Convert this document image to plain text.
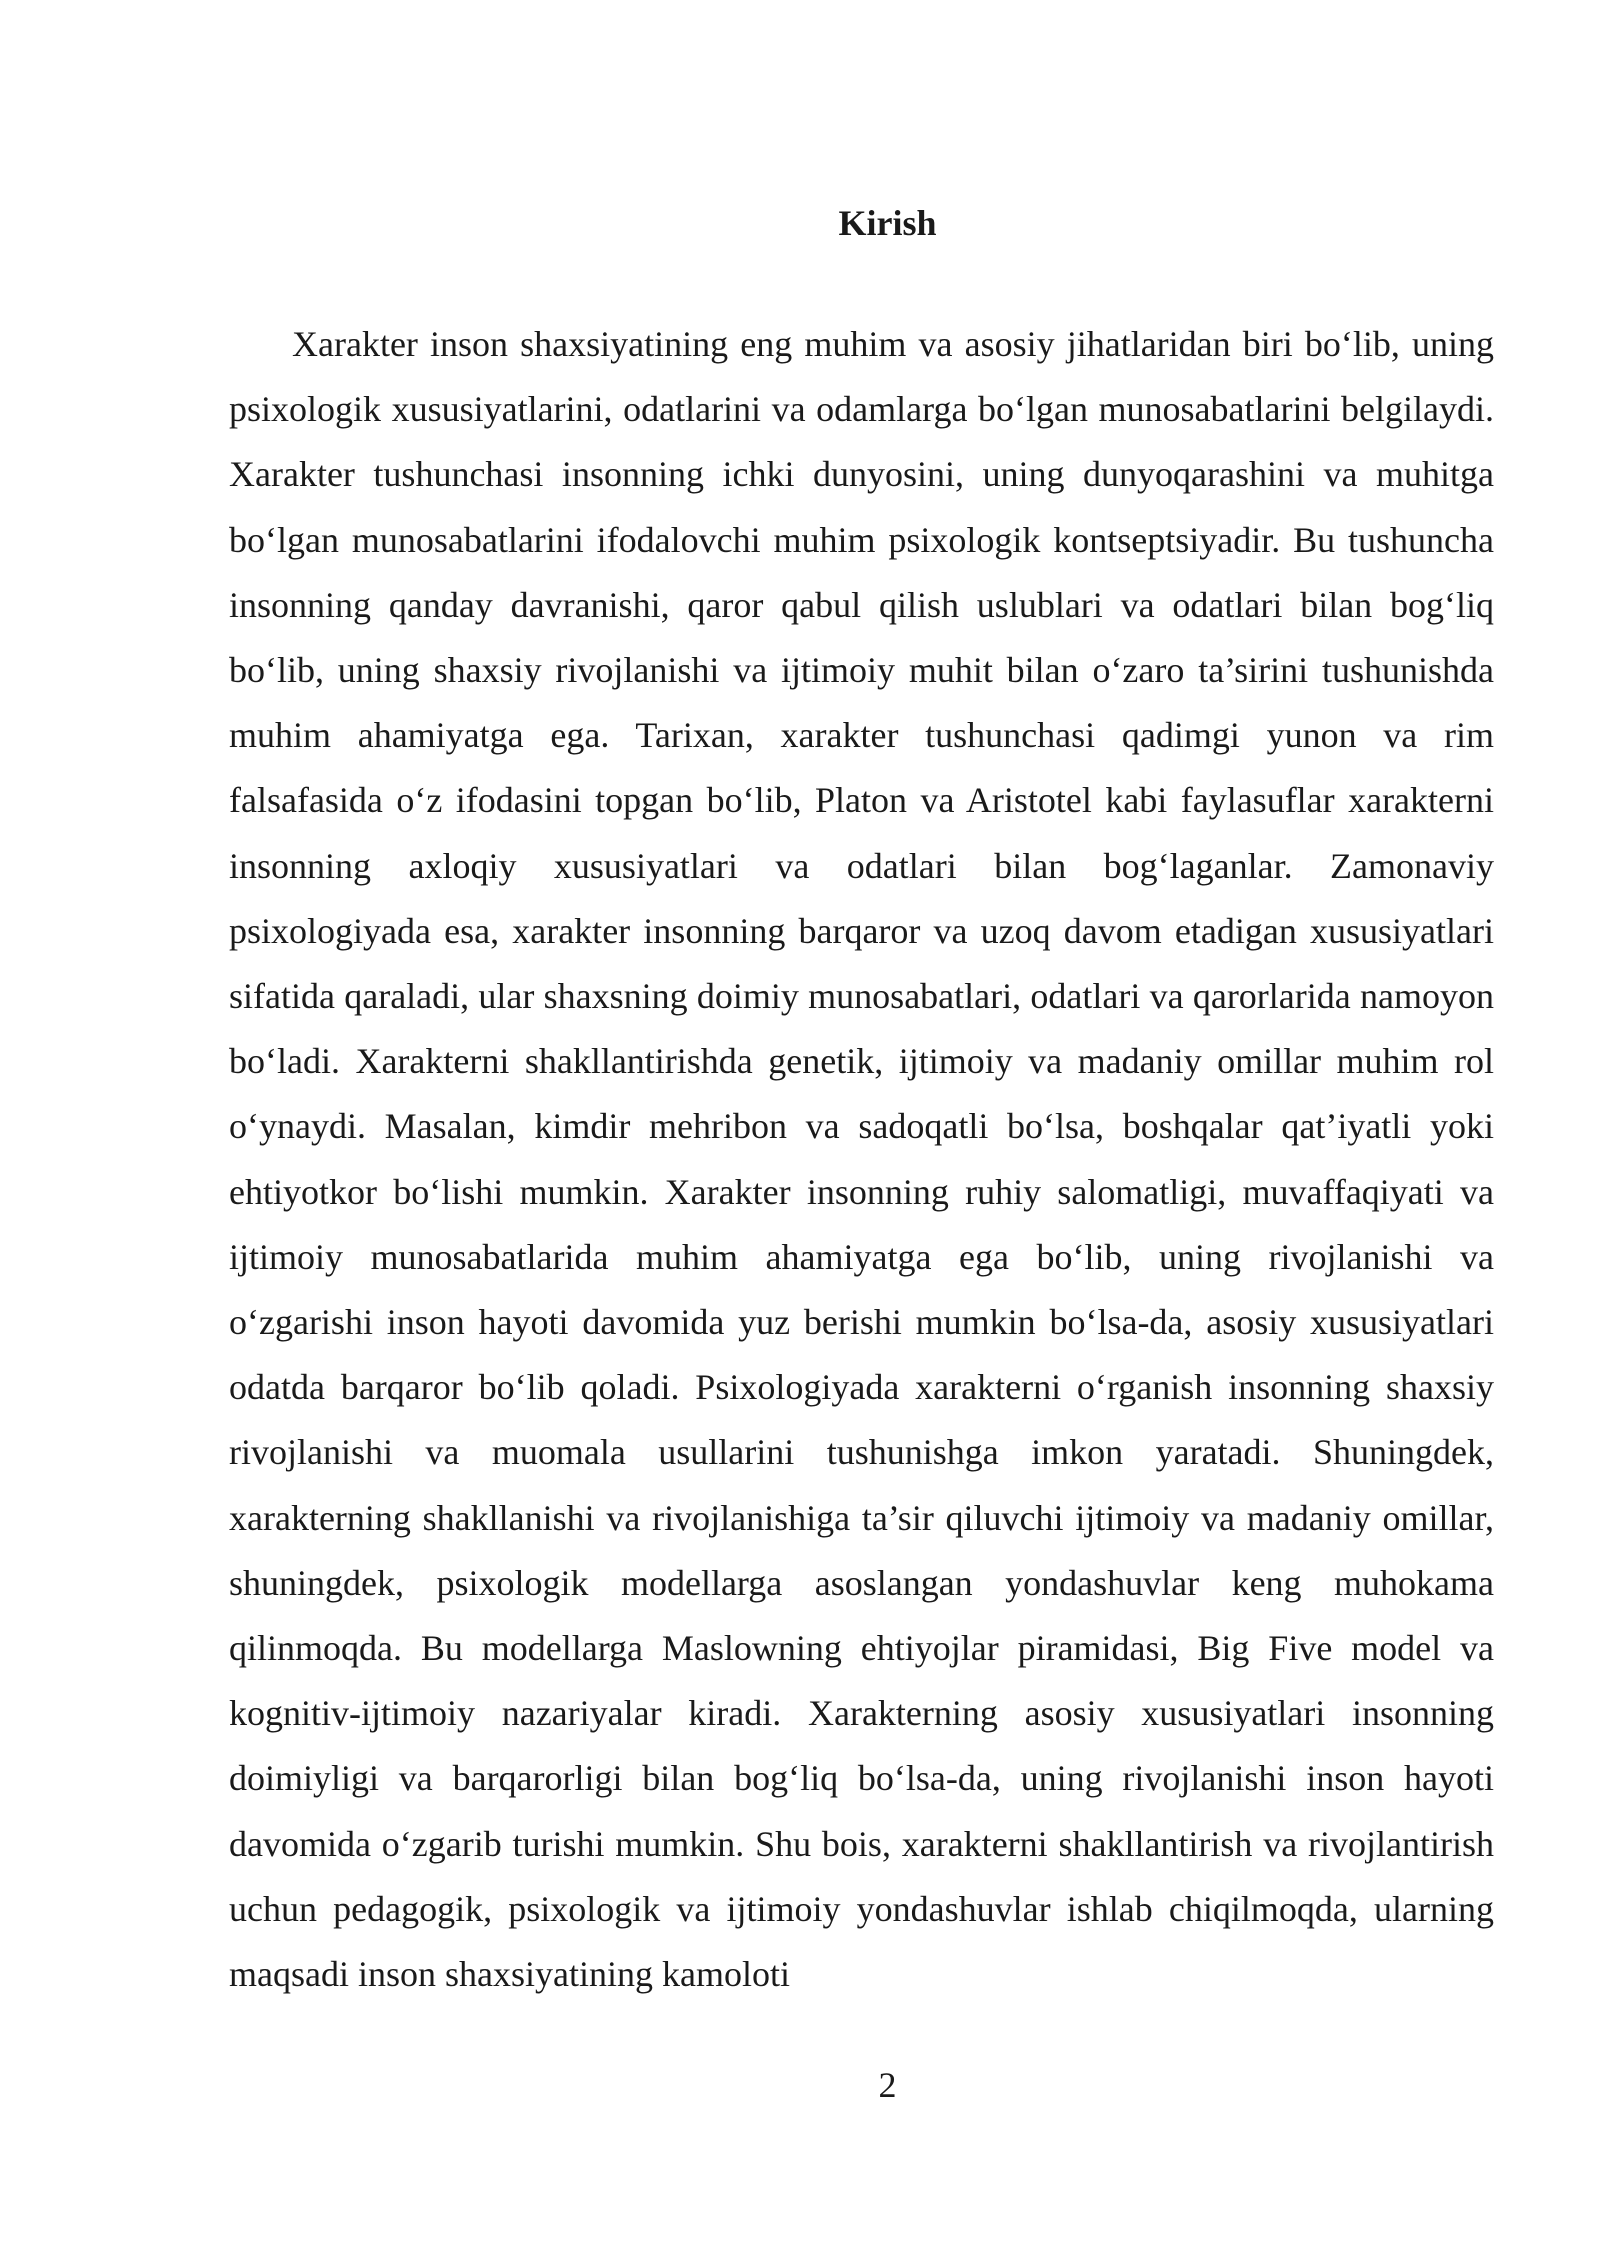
Kirish

Xarakter inson shaxsiyatining eng muhim va asosiy jihatlaridan biri bo‘lib, uning psixologik xususiyatlarini, odatlarini va odamlarga bo‘lgan munosabatlarini belgilaydi. Xarakter tushunchasi insonning ichki dunyosini, uning dunyoqarashini va muhitga bo‘lgan munosabatlarini ifodalovchi muhim psixologik kontseptsiyadir. Bu tushuncha insonning qanday davranishi, qaror qabul qilish uslublari va odatlari bilan bog‘liq bo‘lib, uning shaxsiy rivojlanishi va ijtimoiy muhit bilan o‘zaro ta’sirini tushunishda muhim ahamiyatga ega. Tarixan, xarakter tushunchasi qadimgi yunon va rim falsafasida o‘z ifodasini topgan bo‘lib, Platon va Aristotel kabi faylasuflar xarakterni insonning axloqiy xususiyatlari va odatlari bilan bog‘laganlar. Zamonaviy psixologiyada esa, xarakter insonning barqaror va uzoq davom etadigan xususiyatlari sifatida qaraladi, ular shaxsning doimiy munosabatlari, odatlari va qarorlarida namoyon bo‘ladi. Xarakterni shakllantirishda genetik, ijtimoiy va madaniy omillar muhim rol o‘ynaydi. Masalan, kimdir mehribon va sadoqatli bo‘lsa, boshqalar qat’iyatli yoki ehtiyotkor bo‘lishi mumkin. Xarakter insonning ruhiy salomatligi, muvaffaqiyati va ijtimoiy munosabatlarida muhim ahamiyatga ega bo‘lib, uning rivojlanishi va o‘zgarishi inson hayoti davomida yuz berishi mumkin bo‘lsa-da, asosiy xususiyatlari odatda barqaror bo‘lib qoladi. Psixologiyada xarakterni o‘rganish insonning shaxsiy rivojlanishi va muomala usullarini tushunishga imkon yaratadi. Shuningdek, xarakterning shakllanishi va rivojlanishiga ta’sir qiluvchi ijtimoiy va madaniy omillar, shuningdek, psixologik modellarga asoslangan yondashuvlar keng muhokama qilinmoqda. Bu modellarga Maslowning ehtiyojlar piramidasi, Big Five model va kognitiv-ijtimoiy nazariyalar kiradi. Xarakterning asosiy xususiyatlari insonning doimiyligi va barqarorligi bilan bog‘liq bo‘lsa-da, uning rivojlanishi inson hayoti davomida o‘zgarib turishi mumkin. Shu bois, xarakterni shakllantirish va rivojlantirish uchun pedagogik, psixologik va ijtimoiy yondashuvlar ishlab chiqilmoqda, ularning maqsadi inson shaxsiyatining kamoloti

2
